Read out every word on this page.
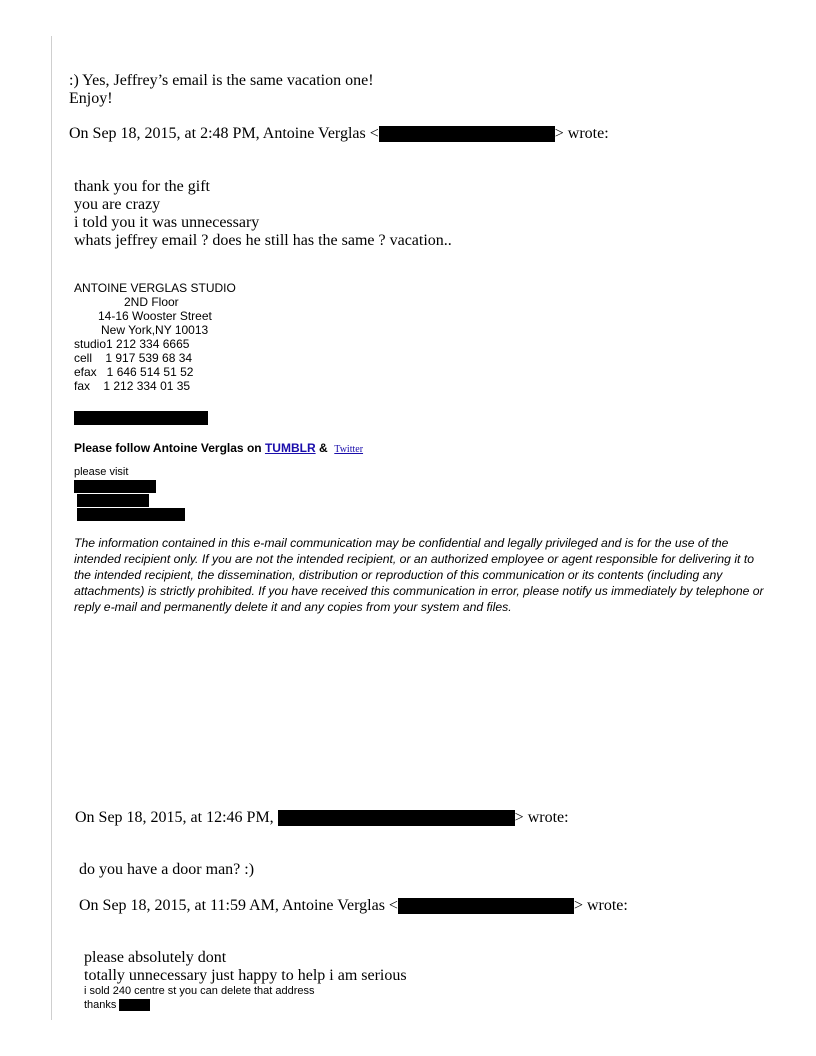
:) Yes, Jeffrey’s email is the same vacation one!
Enjoy!
On Sep 18, 2015, at 2:48 PM, Antoine Verglas <	> wrote:
thank you for the gift
you are crazy
i told you it was unnecessary
whats jeffrey email ? does he still has the same ? vacation..
ANTOINE VERGLAS STUDIO
2ND Floor
14-16 Wooster Street
New York,NY 10013
studio1 212 334 6665
cell    1 917 539 68 34
efax   1 646 514 51 52
fax    1 212 334 01 35
Please follow Antoine Verglas on TUMBLR & Twitter
please visit
The information contained in this e-mail communication may be confidential and legally privileged and is for the use of the intended recipient only. If you are not the intended recipient, or an authorized employee or agent responsible for delivering it to the intended recipient, the dissemination, distribution or reproduction of this communication or its contents (including any attachments) is strictly prohibited. If you have received this communication in error, please notify us immediately by telephone or reply e-mail and permanently delete it and any copies from your system and files.
On Sep 18, 2015, at 12:46 PM,	> wrote:
do you have a door man? :)
On Sep 18, 2015, at 11:59 AM, Antoine Verglas <	> wrote:
please absolutely dont
totally unnecessary just happy to help i am serious
i sold 240 centre st you can delete that address
thanks
